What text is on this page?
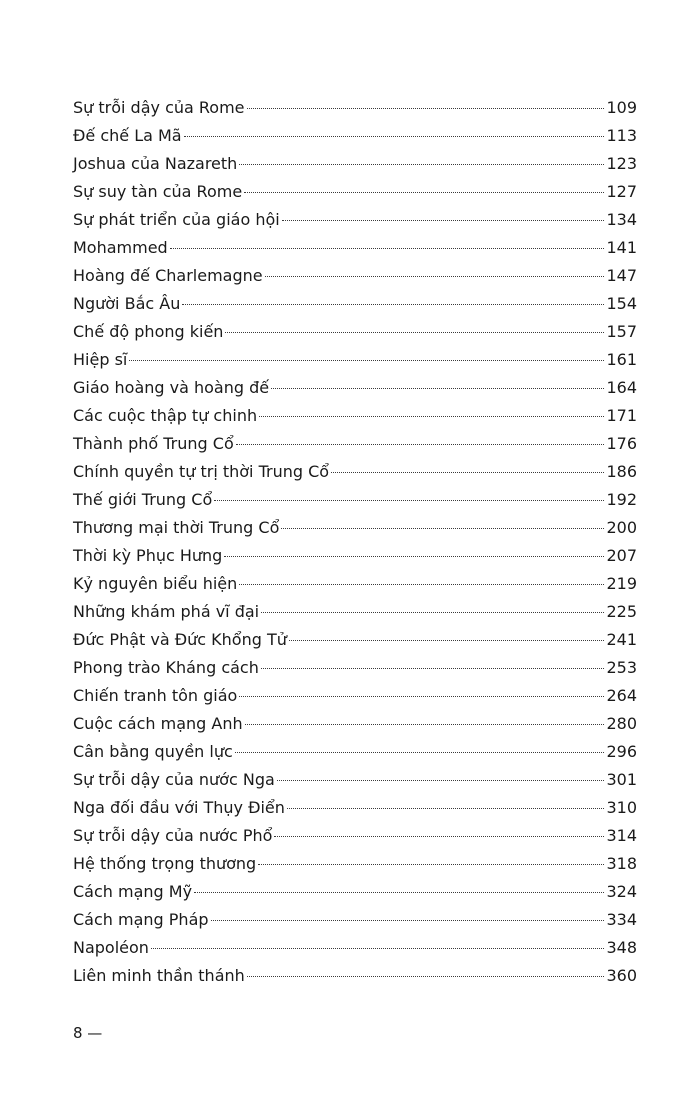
Sự trỗi dậy của Rome	109
Đế chế La Mã	113
Joshua của Nazareth	123
Sự suy tàn của Rome	127
Sự phát triển của giáo hội	134
Mohammed	141
Hoàng đế Charlemagne	147
Người Bắc Âu	154
Chế độ phong kiến	157
Hiệp sĩ	161
Giáo hoàng và hoàng đế	164
Các cuộc thập tự chinh	171
Thành phố Trung Cổ	176
Chính quyền tự trị thời Trung Cổ	186
Thế giới Trung Cổ	192
Thương mại thời Trung Cổ	200
Thời kỳ Phục Hưng	207
Kỷ nguyên biểu hiện	219
Những khám phá vĩ đại	225
Đức Phật và Đức Khổng Tử	241
Phong trào Kháng cách	253
Chiến tranh tôn giáo	264
Cuộc cách mạng Anh	280
Cân bằng quyền lực	296
Sự trỗi dậy của nước Nga	301
Nga đối đầu với Thụy Điển	310
Sự trỗi dậy của nước Phổ	314
Hệ thống trọng thương	318
Cách mạng Mỹ	324
Cách mạng Pháp	334
Napoléon	348
Liên minh thần thánh	360
8 —
